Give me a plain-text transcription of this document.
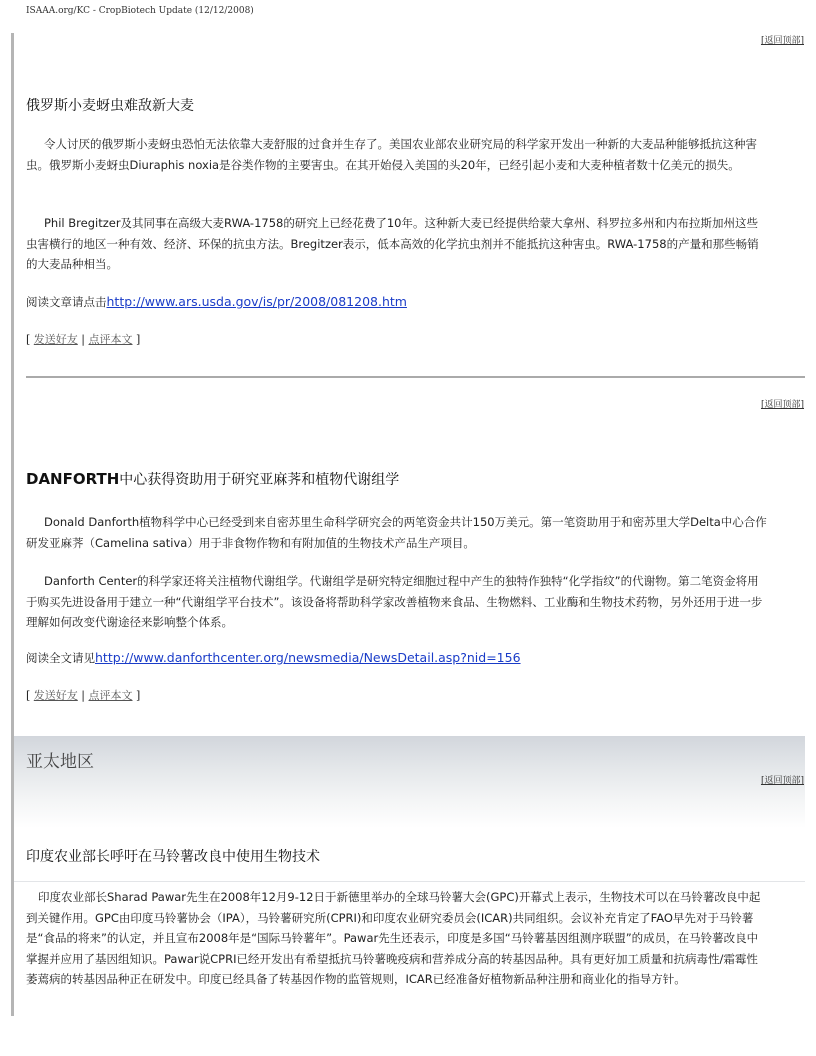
ISAAA.org/KC - CropBiotech Update (12/12/2008)
[返回顶部]
俄罗斯小麦蚜虫难敌新大麦
令人讨厌的俄罗斯小麦蚜虫恐怕无法依靠大麦舒服的过食并生存了。美国农业部农业研究局的科学家开发出一种新的大麦品种能够抵抗这种害虫。俄罗斯小麦蚜虫Diuraphis noxia是谷类作物的主要害虫。在其开始侵入美国的头20年，已经引起小麦和大麦种植者数十亿美元的损失。
Phil Bregitzer及其同事在高级大麦RWA-1758的研究上已经花费了10年。这种新大麦已经提供给蒙大拿州、科罗拉多州和内布拉斯加州这些虫害横行的地区一种有效、经济、环保的抗虫方法。Bregitzer表示，低本高效的化学抗虫剂并不能抵抗这种害虫。RWA-1758的产量和那些畅销的大麦品种相当。
阅读文章请点击http://www.ars.usda.gov/is/pr/2008/081208.htm
[ 发送好友 | 点评本文 ]
[返回顶部]
DANFORTH中心获得资助用于研究亚麻荠和植物代谢组学
Donald Danforth植物科学中心已经受到来自密苏里生命科学研究会的两笔资金共计150万美元。第一笔资助用于和密苏里大学Delta中心合作研发亚麻荠（Camelina sativa）用于非食物作物和有附加值的生物技术产品生产项目。
Danforth Center的科学家还将关注植物代谢组学。代谢组学是研究特定细胞过程中产生的独特作独特“化学指纹”的代谢物。第二笔资金将用于购买先进设备用于建立一种“代谢组学平台技术”。该设备将帮助科学家改善植物来食品、生物燃料、工业酶和生物技术药物，另外还用于进一步理解如何改变代谢途径来影响整个体系。
阅读全文请见http://www.danforthcenter.org/newsmedia/NewsDetail.asp?nid=156
[ 发送好友 | 点评本文 ]
亚太地区
[返回顶部]
印度农业部长呼吁在马铃薯改良中使用生物技术
印度农业部长Sharad Pawar先生在2008年12月9-12日于新德里举办的全球马铃薯大会(GPC)开幕式上表示，生物技术可以在马铃薯改良中起到关键作用。GPC由印度马铃薯协会（IPA），马铃薯研究所(CPRI)和印度农业研究委员会(ICAR)共同组织。会议补充肯定了FAO早先对于马铃薯是“食品的将来”的认定，并且宣布2008年是“国际马铃薯年”。Pawar先生还表示，印度是多国“马铃薯基因组测序联盟”的成员，在马铃薯改良中掌握并应用了基因组知识。Pawar说CPRI已经开发出有希望抵抗马铃薯晚疫病和营养成分高的转基因品种。具有更好加工质量和抗病毒性/霜霉性萎蔫病的转基因品种正在研发中。印度已经具备了转基因作物的监管规则，ICAR已经准备好植物新品种注册和商业化的指导方针。
